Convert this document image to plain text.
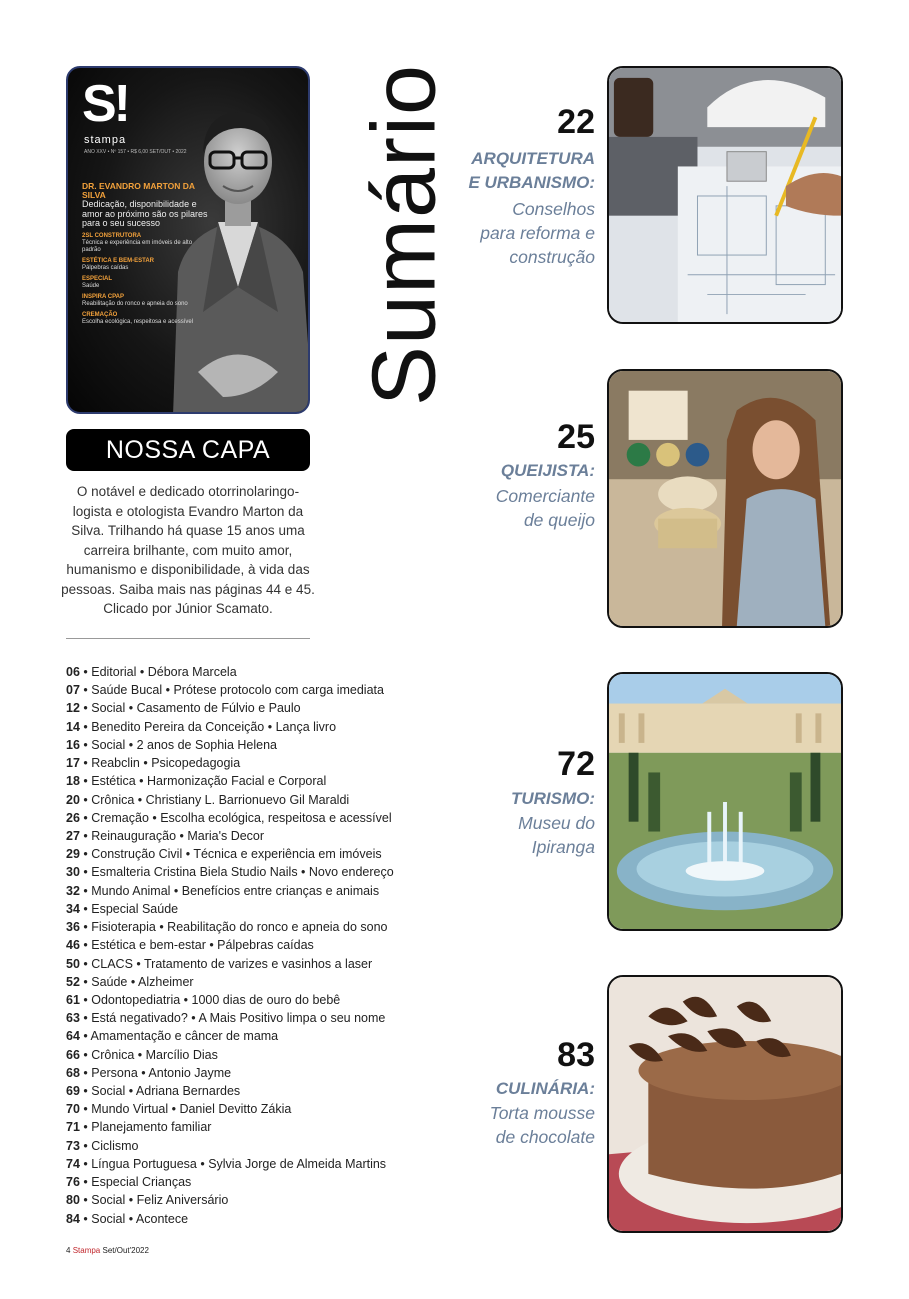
S!
stampa
ANO XXV • Nº 157 • R$ 6,00 SET/OUT • 2022
DR. EVANDRO MARTON DA SILVA
Dedicação, disponibilidade e amor ao próximo são os pilares para o seu sucesso
2SL CONSTRUTORA
Técnica e experiência em imóveis de alto padrão
ESTÉTICA E BEM-ESTAR
Pálpebras caídas
ESPECIAL
Saúde
INSPIRA CPAP
Reabilitação do ronco e apneia do sono
CREMAÇÃO
Escolha ecológica, respeitosa e acessível
NOSSA CAPA
O notável e dedicado otorrinolaringo-logista e otologista Evandro Marton da Silva. Trilhando há quase 15 anos uma carreira brilhante, com muito amor, humanismo e disponibilidade, à vida das pessoas. Saiba mais nas páginas 44 e 45. Clicado por Júnior Scamato.
06 • Editorial • Débora Marcela
07 • Saúde Bucal • Prótese protocolo com carga imediata
12 • Social • Casamento de Fúlvio e Paulo
14 • Benedito Pereira da Conceição • Lança livro
16 • Social • 2 anos de Sophia Helena
17 • Reabclin • Psicopedagogia
18 • Estética • Harmonização Facial e Corporal
20 • Crônica • Christiany L. Barrionuevo Gil Maraldi
26 • Cremação • Escolha ecológica, respeitosa e acessível
27 • Reinauguração • Maria's Decor
29 • Construção Civil • Técnica e experiência em imóveis
30 • Esmalteria Cristina Biela Studio Nails • Novo endereço
32 • Mundo Animal • Benefícios entre crianças e animais
34 • Especial Saúde
36 • Fisioterapia • Reabilitação do ronco e apneia do sono
46 • Estética e bem-estar • Pálpebras caídas
50 • CLACS • Tratamento de varizes e vasinhos a laser
52 • Saúde • Alzheimer
61 • Odontopediatria • 1000 dias de ouro do bebê
63 • Está negativado? • A Mais Positivo limpa o seu nome
64 • Amamentação e câncer de mama
66 • Crônica • Marcílio Dias
68 • Persona • Antonio Jayme
69 • Social • Adriana Bernardes
70 • Mundo Virtual • Daniel Devitto Zákia
71 • Planejamento familiar
73 • Ciclismo
74 • Língua Portuguesa • Sylvia Jorge de Almeida Martins
76 • Especial Crianças
80 • Social • Feliz Aniversário
84 • Social • Acontece
4 Stampa Set/Out'2022
Sumário	22
ARQUITETURA
E URBANISMO:
Conselhos
para reforma e
construção
25
QUEIJISTA:
Comerciante
de queijo
72
TURISMO:
Museu do
Ipiranga
83
CULINÁRIA:
Torta mousse
de chocolate
